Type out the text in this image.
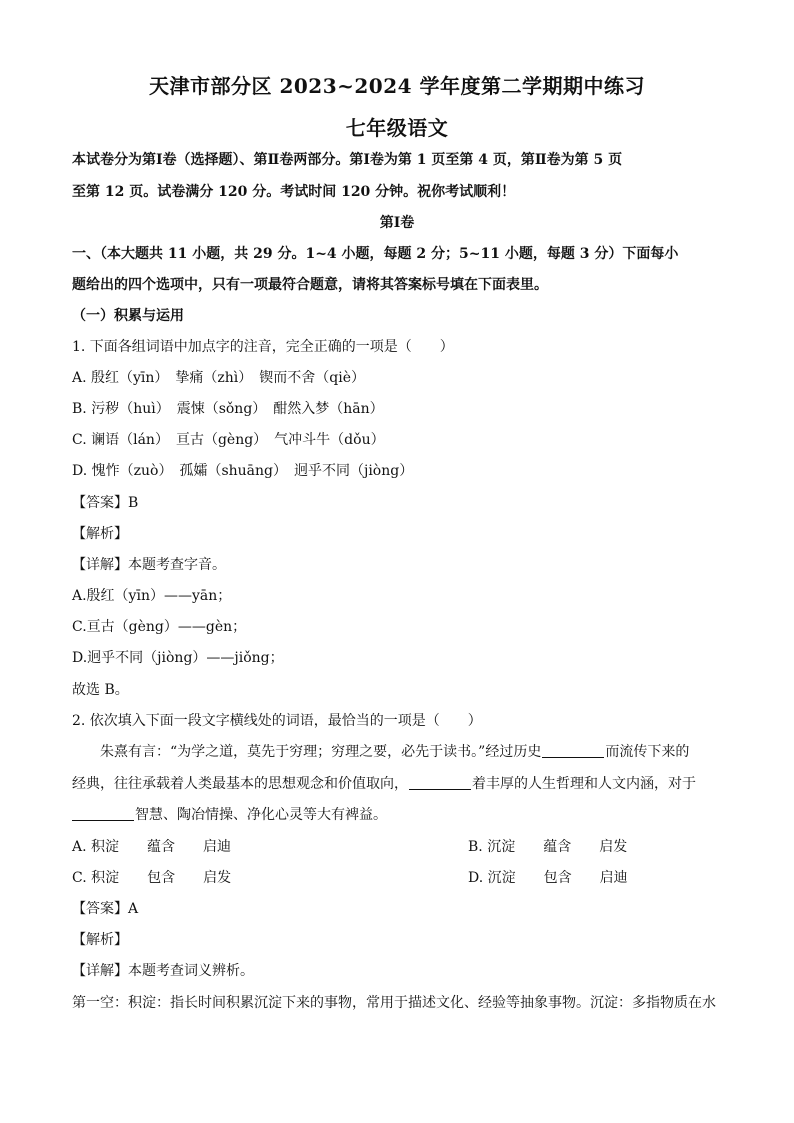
天津市部分区 2023~2024 学年度第二学期期中练习
七年级语文
本试卷分为第Ⅰ卷（选择题）、第Ⅱ卷两部分。第Ⅰ卷为第 1 页至第 4 页，第Ⅱ卷为第 5 页
至第 12 页。试卷满分 120 分。考试时间 120 分钟。祝你考试顺利！
第Ⅰ卷
一、（本大题共 11 小题，共 29 分。1~4 小题，每题 2 分；5~11 小题，每题 3 分）下面每小
题给出的四个选项中，只有一项最符合题意，请将其答案标号填在下面表里。
（一）积累与运用
1. 下面各组词语中加点字的注音，完全正确的一项是（　　）
A. 殷红（yīn）　挚痛（zhì）　锲而不舍（qiè）
B. 污秽（huì）　震悚（sǒng）　酣然入梦（hān）
C. 谰语（lán）　亘古（gèng）　气冲斗牛（dǒu）
D. 愧怍（zuò）　孤孀（shuāng）　迥乎不同（jiòng）
【答案】B
【解析】
【详解】本题考查字音。
A.殷红（yīn）——yān；
C.亘古（gèng）——gèn；
D.迥乎不同（jiòng）——jiǒng；
故选 B。
2. 依次填入下面一段文字横线处的词语，最恰当的一项是（　　）
朱熹有言：“为学之道，莫先于穷理；穷理之要，必先于读书。”经过历史	而流传下来的
经典，往往承载着人类最基本的思想观念和价值取向，	着丰厚的人生哲理和人文内涵，对于
智慧、陶冶情操、净化心灵等大有裨益。
A. 积淀　　蕴含　　启迪	B. 沉淀　　蕴含　　启发
C. 积淀　　包含　　启发	D. 沉淀　　包含　　启迪
【答案】A
【解析】
【详解】本题考查词义辨析。
第一空：积淀：指长时间积累沉淀下来的事物，常用于描述文化、经验等抽象事物。沉淀：多指物质在水
